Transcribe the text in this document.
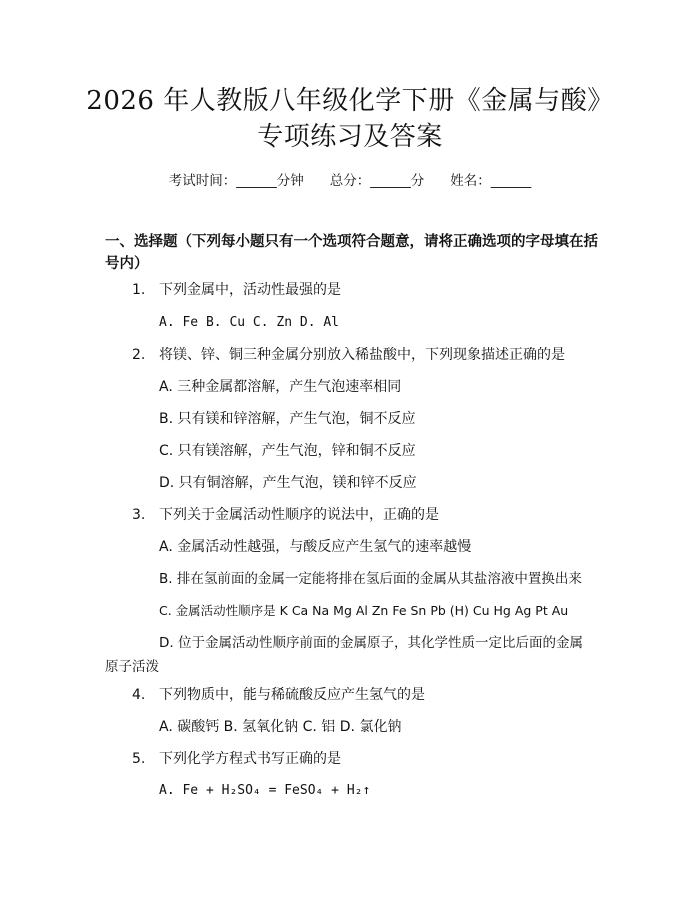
2026 年人教版八年级化学下册《金属与酸》
专项练习及答案
考试时间：______分钟 总分：______分 姓名：______
一、选择题（下列每小题只有一个选项符合题意，请将正确选项的字母填在括号内）
1. 下列金属中，活动性最强的是
A. Fe B. Cu C. Zn D. Al
2. 将镁、锌、铜三种金属分别放入稀盐酸中，下列现象描述正确的是
A. 三种金属都溶解，产生气泡速率相同
B. 只有镁和锌溶解，产生气泡，铜不反应
C. 只有镁溶解，产生气泡，锌和铜不反应
D. 只有铜溶解，产生气泡，镁和锌不反应
3. 下列关于金属活动性顺序的说法中，正确的是
A. 金属活动性越强，与酸反应产生氢气的速率越慢
B. 排在氢前面的金属一定能将排在氢后面的金属从其盐溶液中置换出来
C. 金属活动性顺序是 K Ca Na Mg Al Zn Fe Sn Pb (H) Cu Hg Ag Pt Au
D. 位于金属活动性顺序前面的金属原子，其化学性质一定比后面的金属原子活泼
4. 下列物质中，能与稀硫酸反应产生氢气的是
A. 碳酸钙 B. 氢氧化钠 C. 铝 D. 氯化钠
5. 下列化学方程式书写正确的是
A. Fe + H₂SO₄ = FeSO₄ + H₂↑
